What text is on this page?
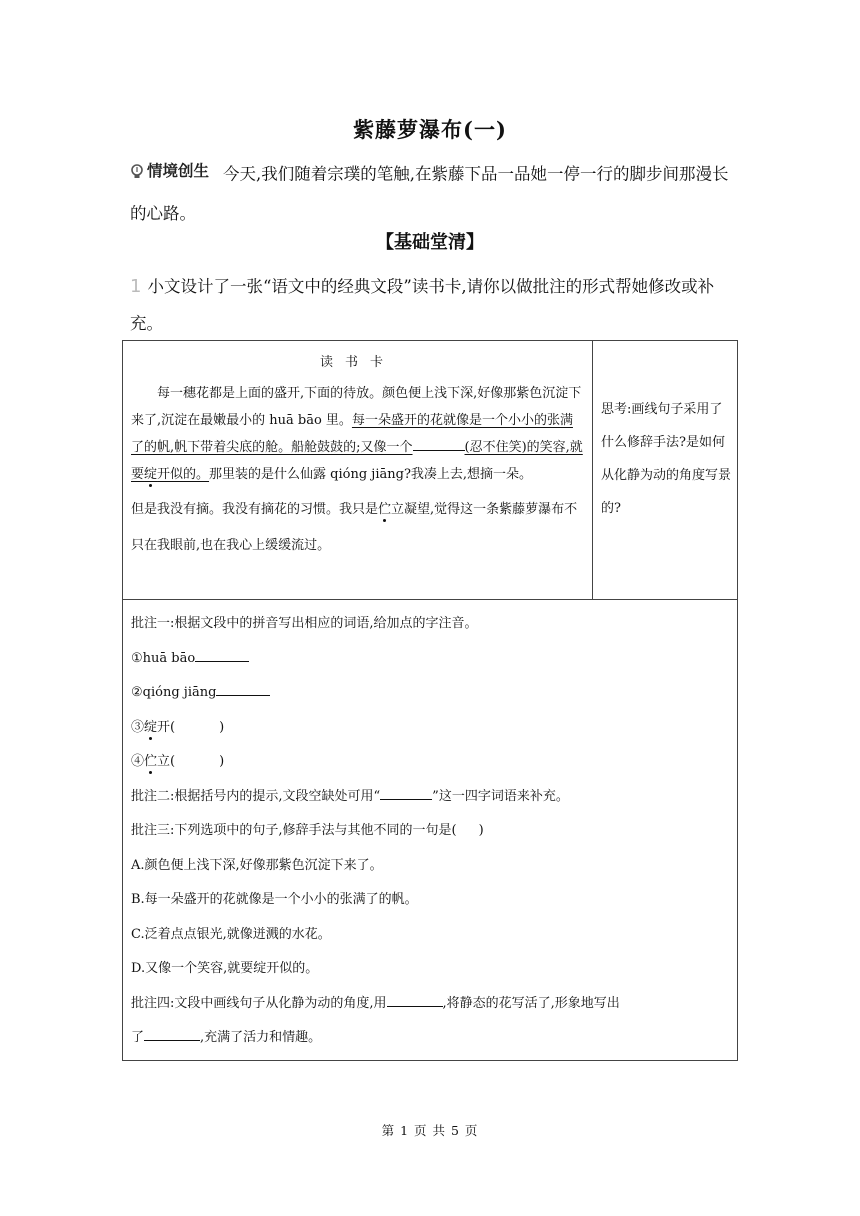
紫藤萝瀑布(一)
情境创生 今天,我们随着宗璞的笔触,在紫藤下品一品她一停一行的脚步间那漫长的心路。
【基础堂清】
1 小文设计了一张“语文中的经典文段”读书卡,请你以做批注的形式帮她修改或补充。
读书卡

每一穗花都是上面的盛开,下面的待放。颜色便上浅下深,好像那紫色沉淀下来了,沉淀在最嫩最小的 huā bāo 里。每一朵盛开的花就像是一个小小的张满了的帆,帆下带着尖底的舱。船舱鼓鼓的;又像一个	(忍不住笑)的笑容,就要绽开似的。那里装的是什么仙露 qióng jiāng?我凑上去,想摘一朵。

但是我没有摘。我没有摘花的习惯。我只是伫立凝望,觉得这一条紫藤萝瀑布不只在我眼前,也在我心上缓缓流过。

	思考:画线句子采用了什么修辞手法?是如何从化静为动的角度写景的?

批注一:根据文段中的拼音写出相应的词语,给加点的字注音。
①huā bāo
②qióng jiāng
③绽开(	)
④伫立(	)
批注二:根据括号内的提示,文段空缺处可用“	”这一四字词语来补充。
批注三:下列选项中的句子,修辞手法与其他不同的一句是( )
A.颜色便上浅下深,好像那紫色沉淀下来了。
B.每一朵盛开的花就像是一个小小的张满了的帆。
C.泛着点点银光,就像迸溅的水花。
D.又像一个笑容,就要绽开似的。
批注四:文段中画线句子从化静为动的角度,用	,将静态的花写活了,形象地写出
了	,充满了活力和情趣。
第 1 页 共 5 页
